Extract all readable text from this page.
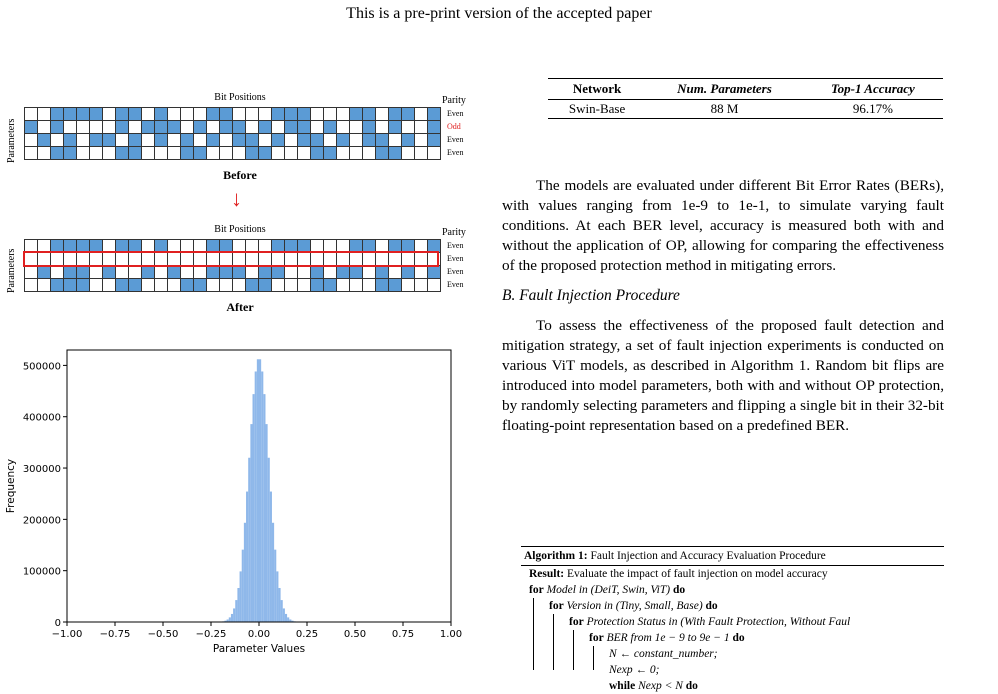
This is a pre-print version of the accepted paper
Bit Positions	Parity
Parameters
Even
Odd
Even
Even
Before
↓
Bit Positions	Parity
Parameters
Even
Even
Even
Even
After
0
100000
200000
300000
400000
500000
−1.00 −0.75 −0.50 −0.25 0.00	0.25	0.50	0.75	1.00
Parameter Values
Frequency
Network	Num. Parameters	Top-1 Accuracy
Swin-Base	88 M	96.17%
The models are evaluated under different Bit Error Rates (BERs), with values ranging from 1e-9 to 1e-1, to simulate varying fault conditions. At each BER level, accuracy is measured both with and without the application of OP, allowing for comparing the effectiveness of the proposed protection method in mitigating errors.
B. Fault Injection Procedure
To assess the effectiveness of the proposed fault detection and mitigation strategy, a set of fault injection experiments is conducted on various ViT models, as described in Algorithm 1. Random bit flips are introduced into model parameters, both with and without OP protection, by randomly selecting parameters and flipping a single bit in their 32-bit floating-point representation based on a predefined BER.
Algorithm 1: Fault Injection and Accuracy Evaluation Procedure
Result: Evaluate the impact of fault injection on model accuracy
for Model in (DeiT, Swin, ViT) do
for Version in (Tiny, Small, Base) do
for Protection Status in (With Fault Protection, Without Faul
for BER from 1e − 9 to 9e − 1 do
N ← constant_number;
Nexp ← 0;
while Nexp < N do
